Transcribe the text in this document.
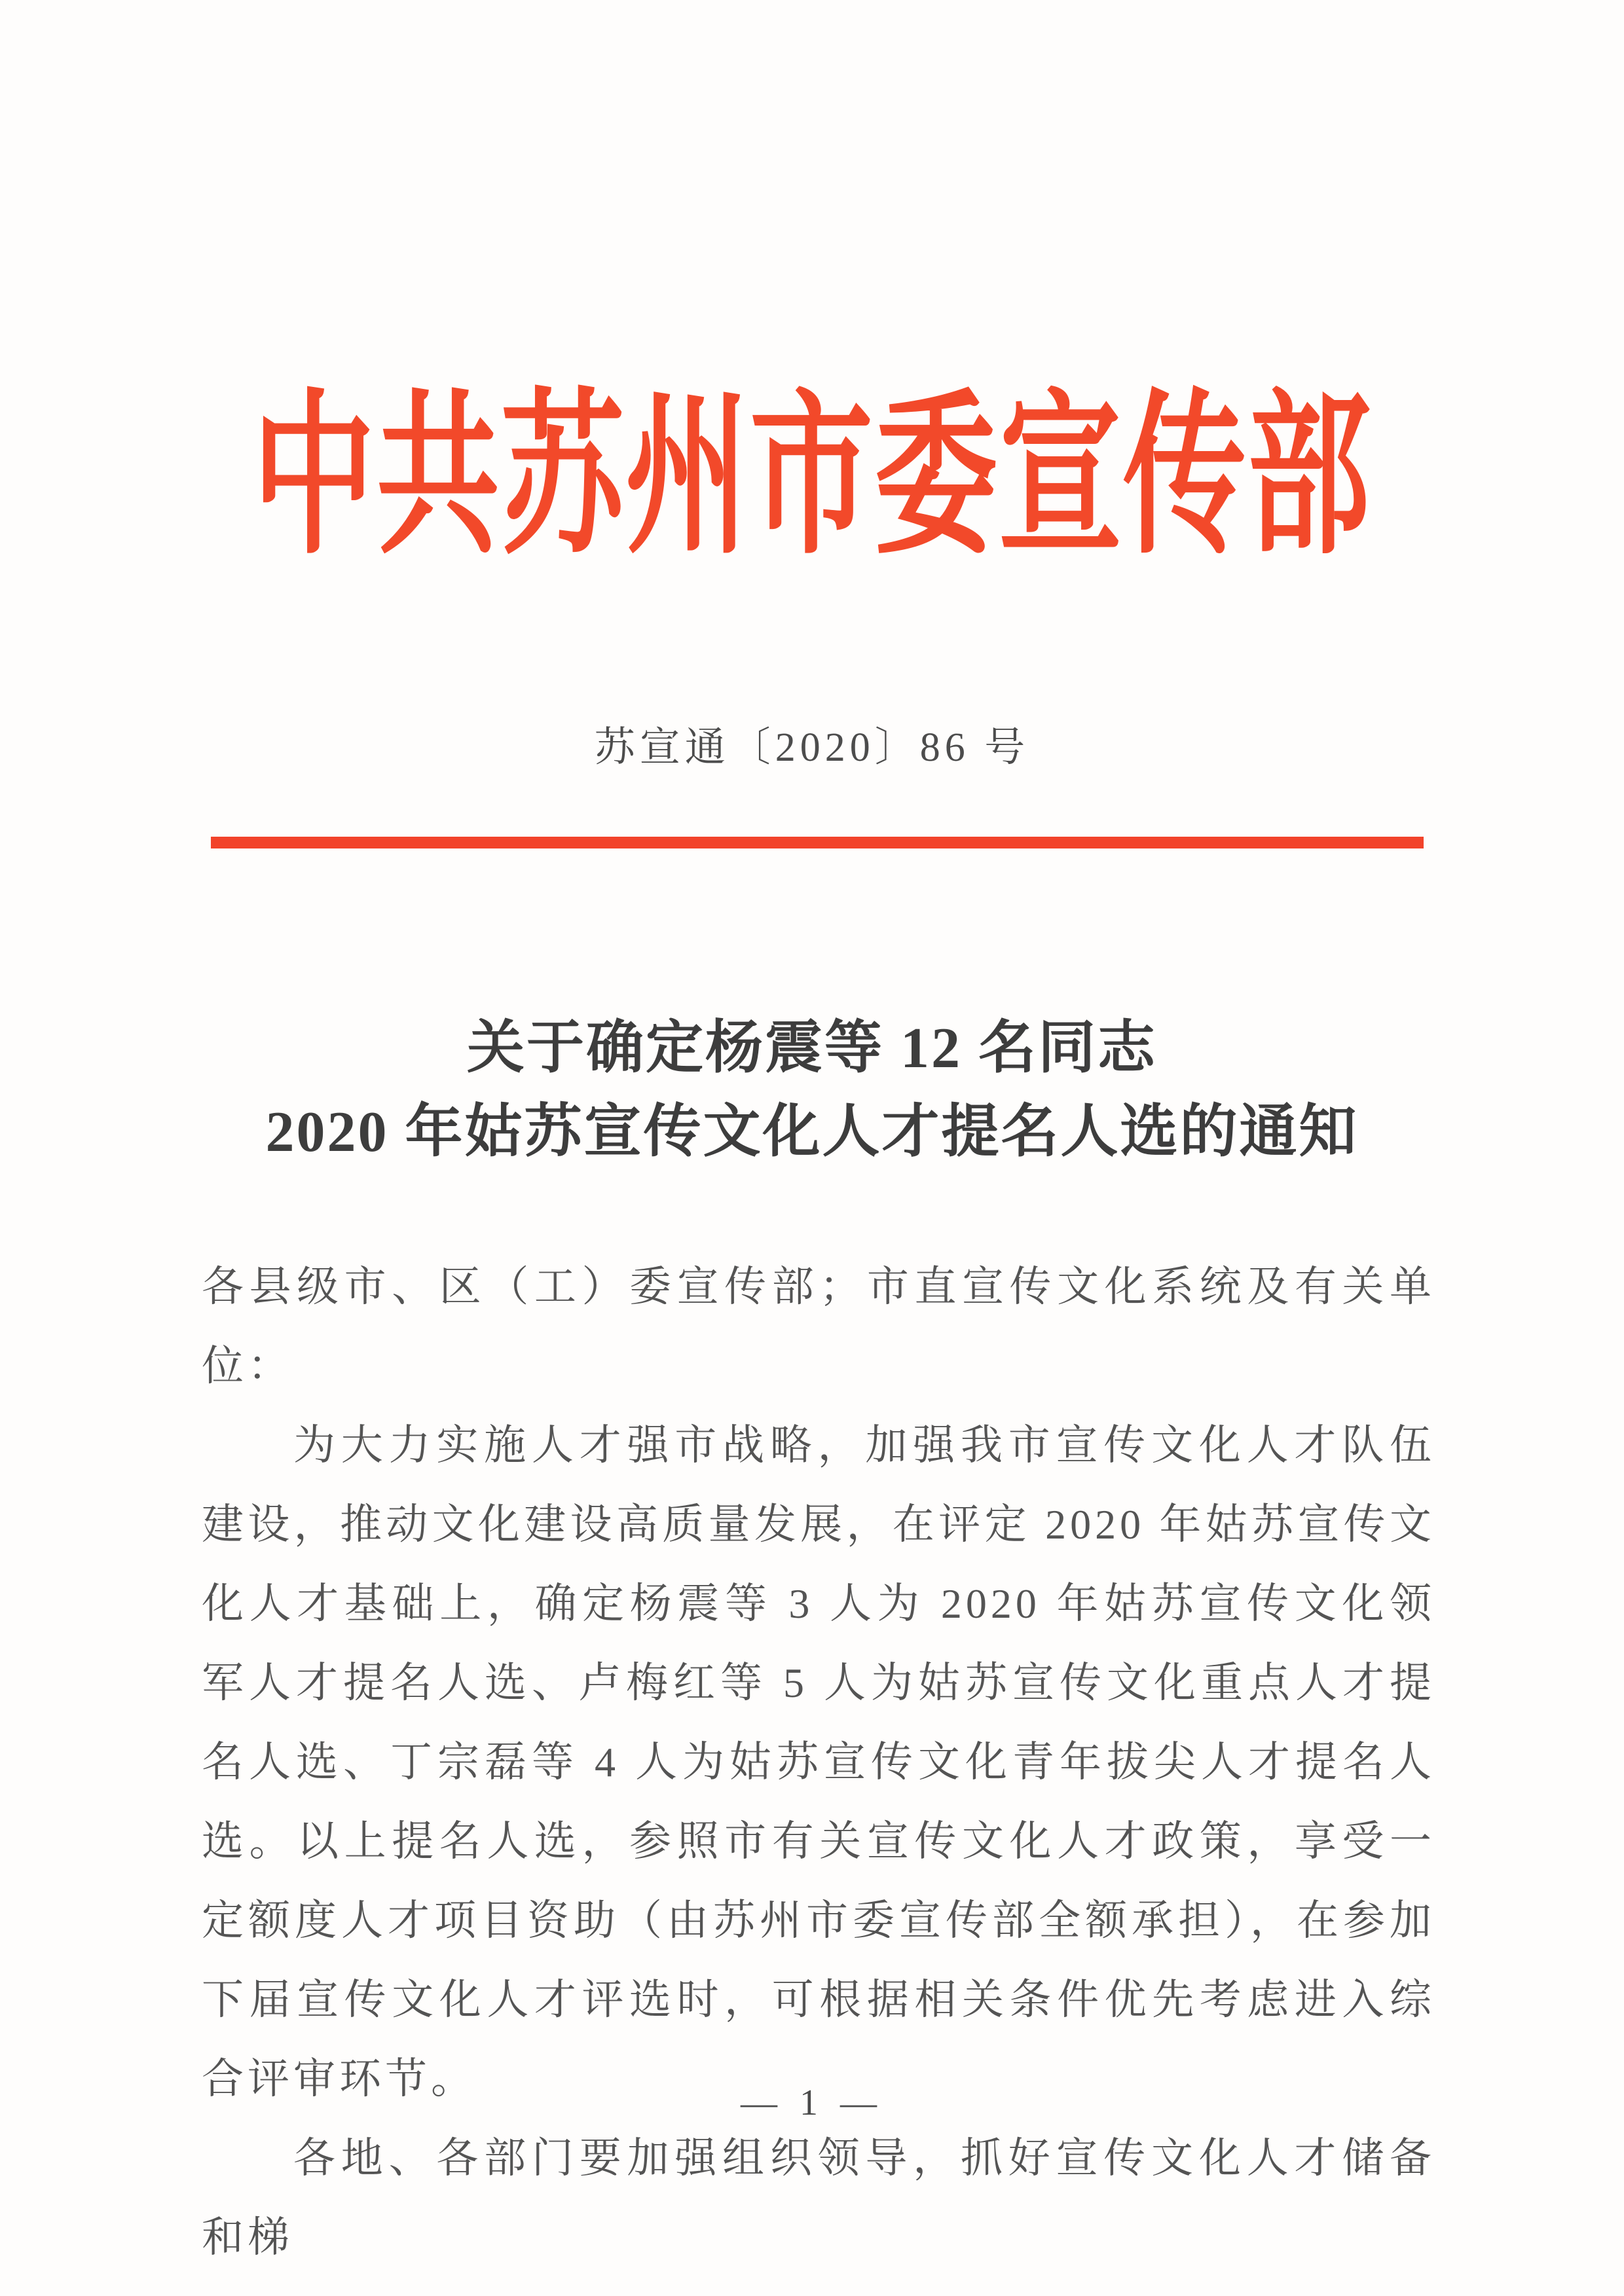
中共苏州市委宣传部
苏宣通〔2020〕86 号
关于确定杨震等 12 名同志
2020 年姑苏宣传文化人才提名人选的通知

各县级市、区（工）委宣传部；市直宣传文化系统及有关单位：

为大力实施人才强市战略，加强我市宣传文化人才队伍建设，推动文化建设高质量发展，在评定 2020 年姑苏宣传文化人才基础上，确定杨震等 3 人为 2020 年姑苏宣传文化领军人才提名人选、卢梅红等 5 人为姑苏宣传文化重点人才提名人选、丁宗磊等 4 人为姑苏宣传文化青年拔尖人才提名人选。以上提名人选，参照市有关宣传文化人才政策，享受一定额度人才项目资助（由苏州市委宣传部全额承担），在参加下届宣传文化人才评选时，可根据相关条件优先考虑进入综合评审环节。

各地、各部门要加强组织领导，抓好宣传文化人才储备和梯

— 1 —
